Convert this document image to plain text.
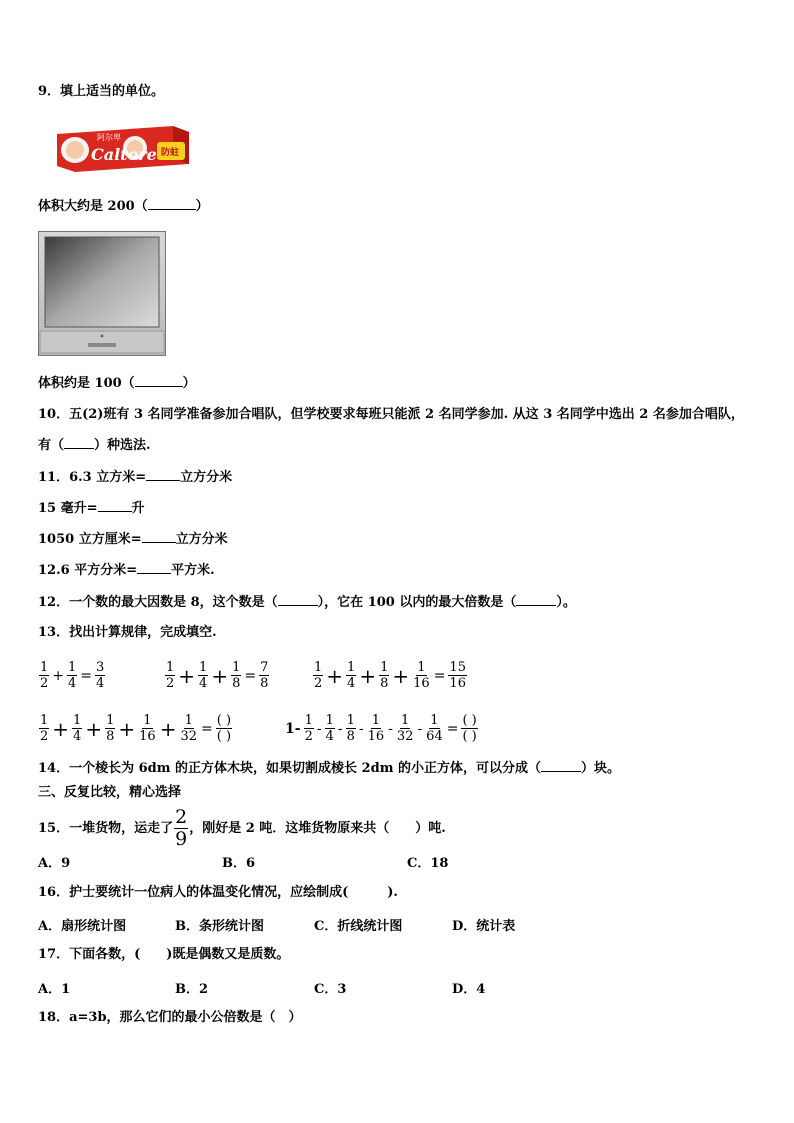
9．填上适当的单位。
阿尔卑
Caltore 防蛀
体积大约是 200（	）
体积约是 100（	）
10．五(2)班有 3 名同学准备参加合唱队，但学校要求每班只能派 2 名同学参加. 从这 3 名同学中选出 2 名参加合唱队，
有（ ）种选法.
11．6.3 立方米=	立方分米
15 毫升=	升
1050 立方厘米=	立方分米
12.6 平方分米=	平方米.
12．一个数的最大因数是 8，这个数是（	），它在 100 以内的最大倍数是（	）。
13．找出计算规律，完成填空.
$\frac{1}{2} + \frac{1}{4} = \frac{3}{4}$	$\frac{1}{2} + \frac{1}{4} + \frac{1}{8} = \frac{7}{8}$	$\frac{1}{2} + \frac{1}{4} + \frac{1}{8} + \frac{1}{16} = \frac{15}{16}$
$\frac{1}{2} + \frac{1}{4} + \frac{1}{8} + \frac{1}{16} + \frac{1}{32} = \frac{( )}{( )}$	$1- \frac{1}{2} - \frac{1}{4} - \frac{1}{8} - \frac{1}{16} - \frac{1}{32} - \frac{1}{64} = \frac{( )}{( )}$
14．一个棱长为 6dm 的正方体木块，如果切割成棱长 2dm 的小正方体，可以分成（	）块。
三、反复比较，精心选择
15．一堆货物，运走了 $\frac{2}{9}$ ，刚好是 2 吨．这堆货物原来共（　　）吨.
A．9	B．6	C．18
16．护士要统计一位病人的体温变化情况，应绘制成(　　　).
A．扇形统计图	B．条形统计图	C．折线统计图	D．统计表
17．下面各数，(　　)既是偶数又是质数。
A．1	B．2	C．3	D．4
18．a=3b，那么它们的最小公倍数是（　）
